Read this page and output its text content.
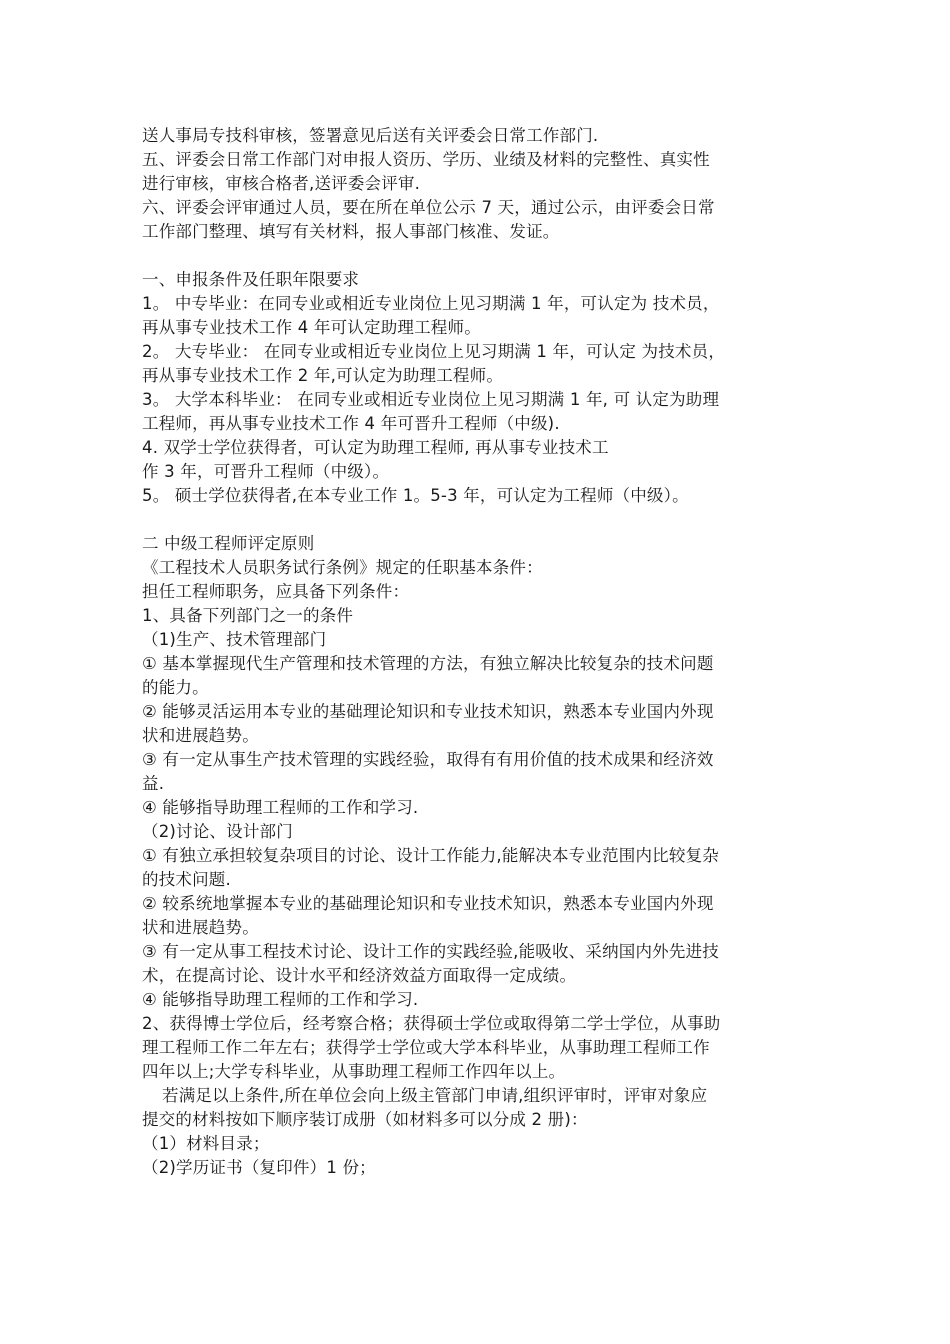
送人事局专技科审核，签署意见后送有关评委会日常工作部门.
五、评委会日常工作部门对申报人资历、学历、业绩及材料的完整性、真实性
进行审核，审核合格者,送评委会评审.
六、评委会评审通过人员，要在所在单位公示 7 天，通过公示，由评委会日常
工作部门整理、填写有关材料，报人事部门核准、发证。
一、申报条件及任职年限要求
1。 中专毕业：在同专业或相近专业岗位上见习期满 1 年，可认定为 技术员，
再从事专业技术工作 4 年可认定助理工程师。
2。 大专毕业： 在同专业或相近专业岗位上见习期满 1 年，可认定 为技术员，
再从事专业技术工作 2 年,可认定为助理工程师。
3。 大学本科毕业： 在同专业或相近专业岗位上见习期满 1 年, 可 认定为助理
工程师，再从事专业技术工作 4 年可晋升工程师（中级).
4. 双学士学位获得者，可认定为助理工程师, 再从事专业技术工
作 3 年，可晋升工程师（中级）。
5。 硕士学位获得者,在本专业工作 1。5-3 年，可认定为工程师（中级）。
二 中级工程师评定原则
《工程技术人员职务试行条例》规定的任职基本条件：
担任工程师职务，应具备下列条件：
1、具备下列部门之一的条件
（1)生产、技术管理部门
① 基本掌握现代生产管理和技术管理的方法，有独立解决比较复杂的技术问题
的能力。
② 能够灵活运用本专业的基础理论知识和专业技术知识，熟悉本专业国内外现
状和进展趋势。
③ 有一定从事生产技术管理的实践经验，取得有有用价值的技术成果和经济效
益.
④ 能够指导助理工程师的工作和学习.
（2)讨论、设计部门
① 有独立承担较复杂项目的讨论、设计工作能力,能解决本专业范围内比较复杂
的技术问题.
② 较系统地掌握本专业的基础理论知识和专业技术知识，熟悉本专业国内外现
状和进展趋势。
③ 有一定从事工程技术讨论、设计工作的实践经验,能吸收、采纳国内外先进技
术，在提高讨论、设计水平和经济效益方面取得一定成绩。
④ 能够指导助理工程师的工作和学习.
2、获得博士学位后，经考察合格；获得硕士学位或取得第二学士学位，从事助
理工程师工作二年左右；获得学士学位或大学本科毕业，从事助理工程师工作
四年以上;大学专科毕业，从事助理工程师工作四年以上。
若满足以上条件,所在单位会向上级主管部门申请,组织评审时，评审对象应
提交的材料按如下顺序装订成册（如材料多可以分成 2 册)：
（1）材料目录；
（2)学历证书（复印件）1 份；
